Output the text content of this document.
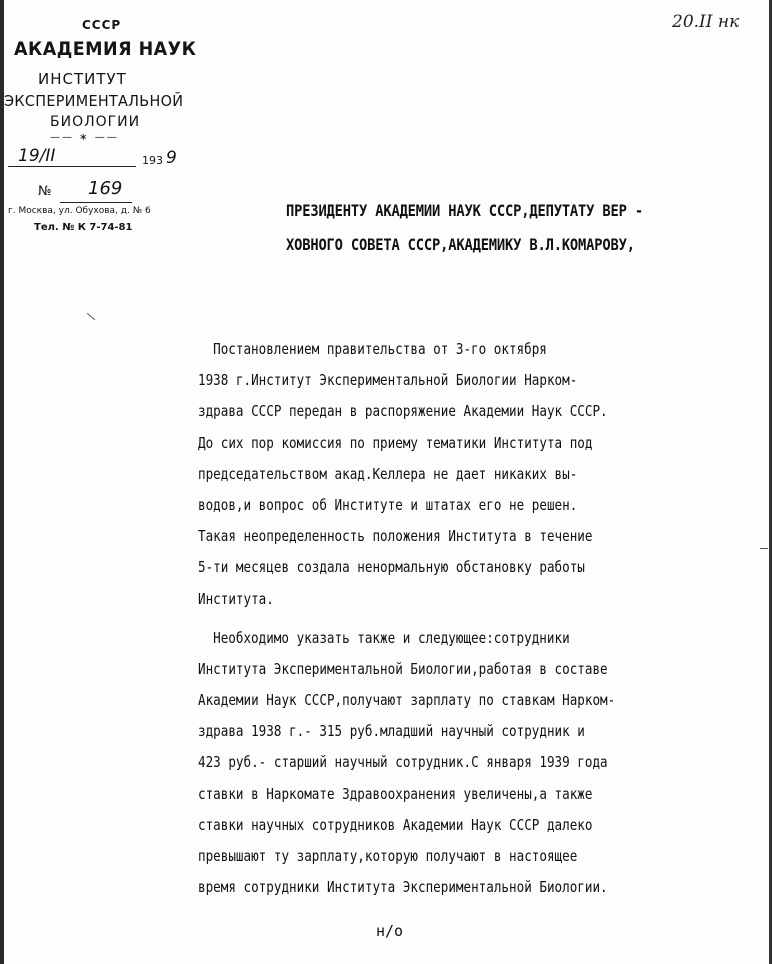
20.II нк
СССР
АКАДЕМИЯ НАУК
ИНСТИТУТ
ЭКСПЕРИМЕНТАЛЬНОЙ
БИОЛОГИИ
—— ∗ ——
19/II	193 9
№ 169
г. Москва, ул. Обухова, д. № 6
Тел. № К 7-74-81
ПРЕЗИДЕНТУ АКАДЕМИИ НАУК СССР,ДЕПУТАТУ ВЕР -
ХОВНОГО СОВЕТА СССР,АКАДЕМИКУ В.Л.КОМАРОВУ,
Постановлением правительства от 3-го октября
1938 г.Институт Экспериментальной Биологии Нарком-
здрава СССР передан в распоряжение Академии Наук СССР.
До сих пор комиссия по приему тематики Института под
председательством акад.Келлера не дает никаких вы-
водов,и вопрос об Институте и штатах его не решен.
Такая неопределенность положения Института в течение
5-ти месяцев создала ненормальную обстановку работы
Института.
Необходимо указать также и следующее:сотрудники
Института Экспериментальной Биологии,работая в составе
Академии Наук СССР,получают зарплату по ставкам Нарком-
здрава 1938 г.- 315 руб.младший научный сотрудник и
423 руб.- старший научный сотрудник.С января 1939 года
ставки в Наркомате Здравоохранения увеличены,а также
ставки научных сотрудников Академии Наук СССР далеко
превышают ту зарплату,которую получают в настоящее
время сотрудники Института Экспериментальной Биологии.
н/о
